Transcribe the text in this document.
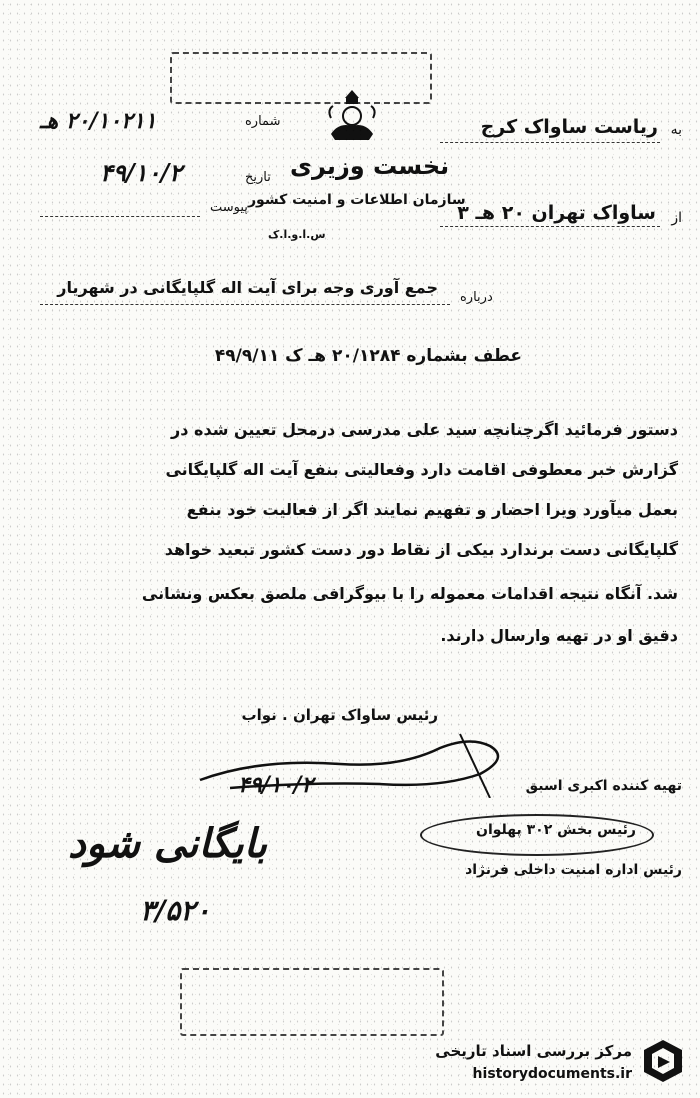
به
ریاست ساواک کرج
نخست وزیری
سازمان اطلاعات و امنیت کشور
س.ا.و.ا.ک
از
ساواک تهران ۲۰ هـ ۳
شماره
۲۰/۱۰۲۱۱ هـ
تاریخ
۴۹/۱۰/۲
پیوست
درباره
جمع آوری وجه برای آیت اله گلپایگانی در شهریار
عطف بشماره ۲۰/۱۲۸۴ هـ ک ۴۹/۹/۱۱
دستور فرمائید اگرچنانچه سید علی مدرسی درمحل تعیین شده در
گزارش خبر معطوفی اقامت دارد وفعالیتی بنفع آیت اله گلپایگانی
بعمل میآورد ویرا احضار و تفهیم نمایند اگر از فعالیت خود بنفع
گلپایگانی دست برندارد بیکی از نقاط دور دست کشور تبعید خواهد
شد. آنگاه نتیجه اقدامات معموله را با بیوگرافی ملصق بعکس ونشانی
دقیق او در تهیه وارسال دارند.
رئیس ساواک تهران . نواب
۴۹/۱۰/۲	تهیه کننده اکبری اسبق
رئیس بخش ۳۰۲ پهلوان
رئیس اداره امنیت داخلی فرنژاد
بایگانی شود
۳/۵۲۰
مرکز بررسی اسناد تاریخی
historydocuments.ir
